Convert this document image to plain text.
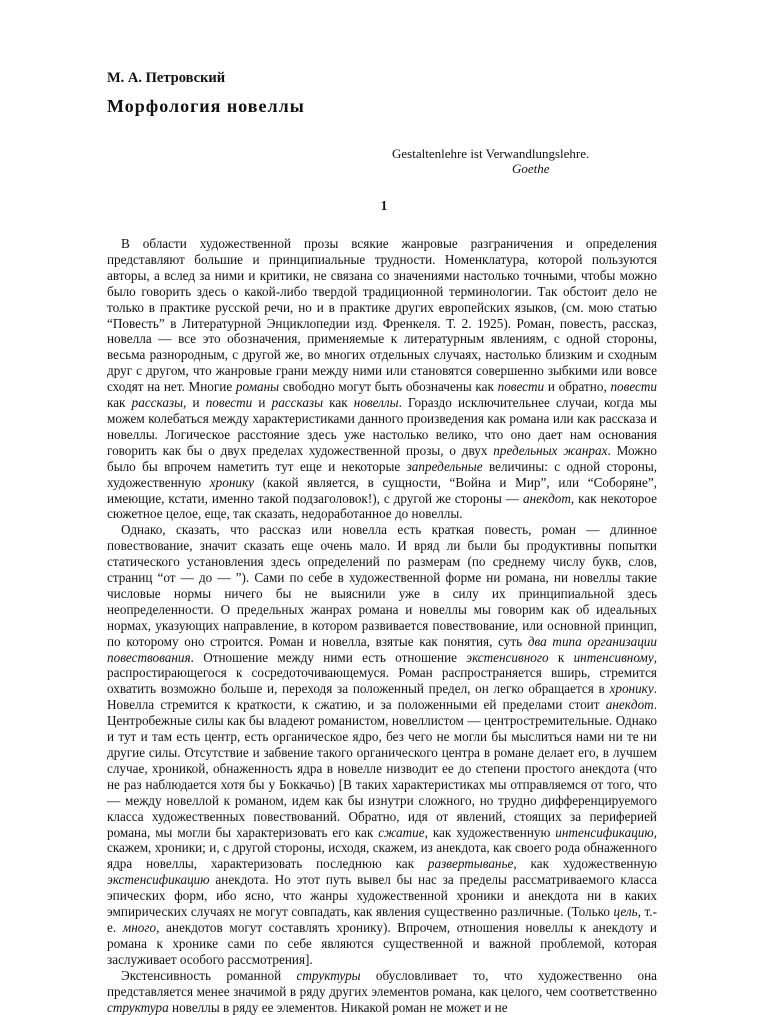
М. А. Петровский
Морфология новеллы
Gestaltenlehre ist Verwandlungslehre.
Goethe
1

В области художественной прозы всякие жанровые разграничения и определения представляют большие и принципиальные трудности. Номенклатура, которой пользуются авторы, а вслед за ними и критики, не связана со значениями настолько точными, чтобы можно было говорить здесь о какой-либо твердой традиционной терминологии. Так обстоит дело не только в практике русской речи, но и в практике других европейских языков, (см. мою статью “Повесть” в Литературной Энциклопедии изд. Френкеля. Т. 2. 1925). Роман, повесть, рассказ, новелла — все это обозначения, применяемые к литературным явлениям, с одной стороны, весьма разнородным, с другой же, во многих отдельных случаях, настолько близким и сходным друг с другом, что жанровые грани между ними или становятся совершенно зыбкими или вовсе сходят на нет. Многие романы свободно могут быть обозначены как повести и обратно, повести как рассказы, и повести и рассказы как новеллы. Гораздо исключительнее случаи, когда мы можем колебаться между характеристиками данного произведения как романа или как рассказа и новеллы. Логическое расстояние здесь уже настолько велико, что оно дает нам основания говорить как бы о двух пределах художественной прозы, о двух предельных жанрах. Можно было бы впрочем наметить тут еще и некоторые запредельные величины: с одной стороны, художественную хронику (какой является, в сущности, “Война и Мир”, или “Соборяне”, имеющие, кстати, именно такой подзаголовок!), с другой же стороны — анекдот, как некоторое сюжетное целое, еще, так сказать, недоработанное до новеллы.

Однако, сказать, что рассказ или новелла есть краткая повесть, роман — длинное повествование, значит сказать еще очень мало. И вряд ли были бы продуктивны попытки статического установления здесь определений по размерам (по среднему числу букв, слов, страниц “от — до — ”). Сами по себе в художественной форме ни романа, ни новеллы такие числовые нормы ничего бы не выяснили уже в силу их принципиальной здесь неопределенности. О предельных жанрах романа и новеллы мы говорим как об идеальных нормах, указующих направление, в котором развивается повествование, или основной принцип, по которому оно строится. Роман и новелла, взятые как понятия, суть два типа организации повествования. Отношение между ними есть отношение экстенсивного к интенсивному, распростирающегося к сосредоточивающемуся. Роман распространяется вширь, стремится охватить возможно больше и, переходя за положенный предел, он легко обращается в хронику. Новелла стремится к краткости, к сжатию, и за положенными ей пределами стоит анекдот. Центробежные силы как бы владеют романистом, новеллистом — центростремительные. Однако и тут и там есть центр, есть органическое ядро, без чего не могли бы мыслиться нами ни те ни другие силы. Отсутствие и забвение такого органического центра в романе делает его, в лучшем случае, хроникой, обнаженность ядра в новелле низводит ее до степени простого анекдота (что не раз наблюдается хотя бы у Боккачьо) [В таких характеристиках мы отправляемся от того, что — между новеллой к романом, идем как бы изнутри сложного, но трудно дифференцируемого класса художественных повествований. Обратно, идя от явлений, стоящих за периферией романа, мы могли бы характеризовать его как сжатие, как художественную интенсификацию, скажем, хроники; и, с другой стороны, исходя, скажем, из анекдота, как своего рода обнаженного ядра новеллы, характеризовать последнюю как развертыванье, как художественную экстенсификацию анекдота. Но этот путь вывел бы нас за пределы рассматриваемого класса эпических форм, ибо ясно, что жанры художественной хроники и анекдота ни в каких эмпирических случаях не могут совпадать, как явления существенно различные. (Только цель, т.-е. много, анекдотов могут составлять хронику). Впрочем, отношения новеллы к анекдоту и романа к хронике сами по себе являются существенной и важной проблемой, которая заслуживает особого рассмотрения].

Экстенсивность романной структуры обусловливает то, что художественно она представляется менее значимой в ряду других элементов романа, как целого, чем соответственно структура новеллы в ряду ее элементов. Никакой роман не может и не
